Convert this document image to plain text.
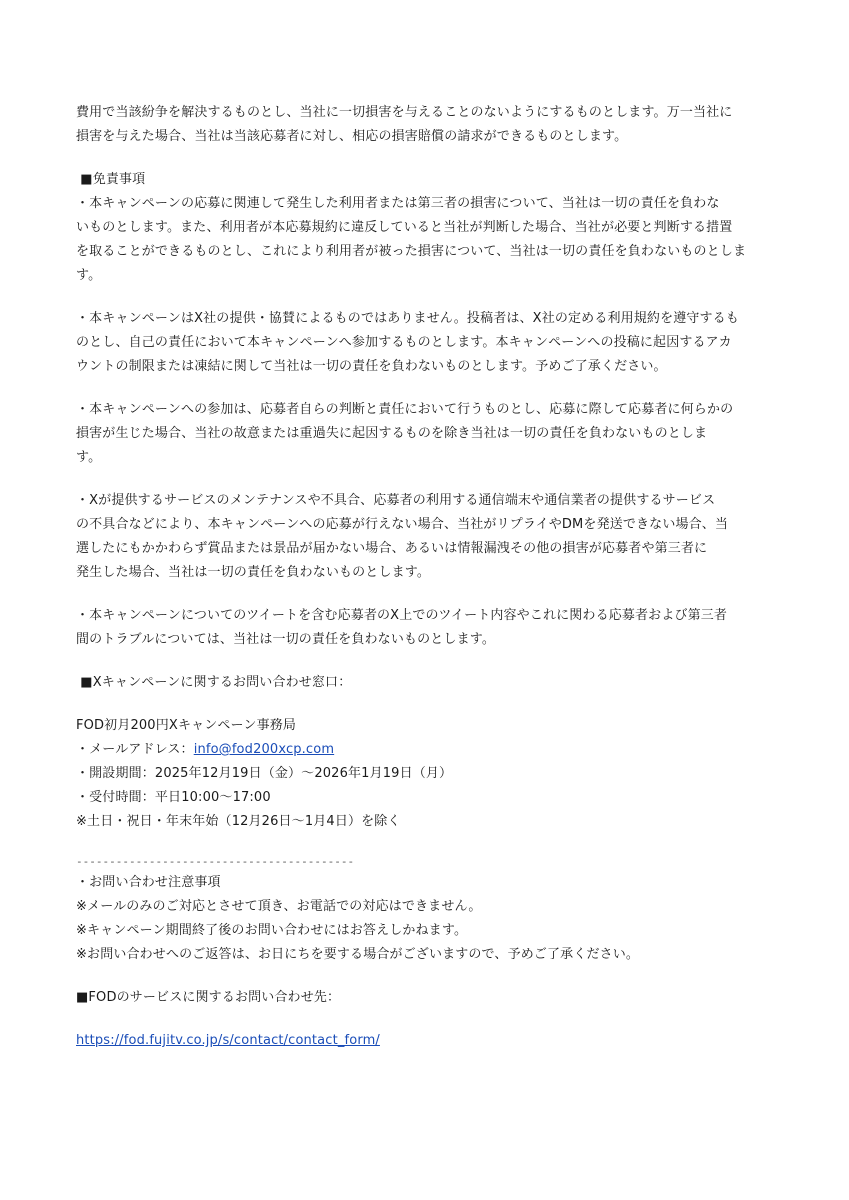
費用で当該紛争を解決するものとし、当社に一切損害を与えることのないようにするものとします。万一当社に
損害を与えた場合、当社は当該応募者に対し、相応の損害賠償の請求ができるものとします。

■免責事項

・本キャンペーンの応募に関連して発生した利用者または第三者の損害について、当社は一切の責任を負わな
いものとします。また、利用者が本応募規約に違反していると当社が判断した場合、当社が必要と判断する措置
を取ることができるものとし、これにより利用者が被った損害について、当社は一切の責任を負わないものとしま
す。

・本キャンペーンはX社の提供・協賛によるものではありません。投稿者は、X社の定める利用規約を遵守するも
のとし、自己の責任において本キャンペーンへ参加するものとします。本キャンペーンへの投稿に起因するアカ
ウントの制限または凍結に関して当社は一切の責任を負わないものとします。予めご了承ください。

・本キャンペーンへの参加は、応募者自らの判断と責任において行うものとし、応募に際して応募者に何らかの
損害が生じた場合、当社の故意または重過失に起因するものを除き当社は一切の責任を負わないものとしま
す。

・Xが提供するサービスのメンテナンスや不具合、応募者の利用する通信端末や通信業者の提供するサービス
の不具合などにより、本キャンペーンへの応募が行えない場合、当社がリプライやDMを発送できない場合、当
選したにもかかわらず賞品または景品が届かない場合、あるいは情報漏洩その他の損害が応募者や第三者に
発生した場合、当社は一切の責任を負わないものとします。

・本キャンペーンについてのツイートを含む応募者のX上でのツイート内容やこれに関わる応募者および第三者
間のトラブルについては、当社は一切の責任を負わないものとします。

■Xキャンペーンに関するお問い合わせ窓口：

FOD初月200円Xキャンペーン事務局

・メールアドレス：info@fod200xcp.com

・開設期間：2025年12月19日（金）～2026年1月19日（月）

・受付時間：平日10:00～17:00

※土日・祝日・年末年始（12月26日～1月4日）を除く

------------------------------------------

・お問い合わせ注意事項

※メールのみのご対応とさせて頂き、お電話での対応はできません。

※キャンペーン期間終了後のお問い合わせにはお答えしかねます。

※お問い合わせへのご返答は、お日にちを要する場合がございますので、予めご了承ください。

■FODのサービスに関するお問い合わせ先：

https://fod.fujitv.co.jp/s/contact/contact_form/
